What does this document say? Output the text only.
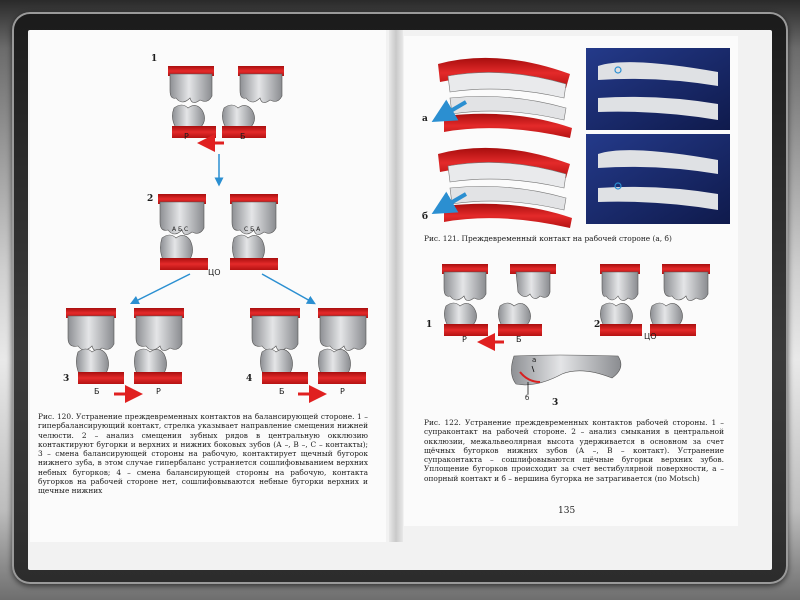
1
2
3	4
Р	Б
А Б С	С Б А
ЦО
Б	Р	Б	Р
Рис. 120. Устранение преждевременных контактов на балансирующей стороне. 1 – гипербалансирующий контакт, стрелка указывает направление смещения нижней челюсти. 2 – анализ смещения зубных рядов в центральную окклюзию контактируют бугорки и верхних и нижних боковых зубов (А –, В –, С – контакты); 3 – смена балансирующей стороны на рабочую, контактирует щечный бугорок нижнего зуба, в этом случае гипербаланс устраняется сошлифовыванием верхних небных бугорков; 4 – смена балансирующей стороны на рабочую, контакта бугорков на рабочей стороне нет, сошлифовываются небные бугорки верхних и щечные нижних
а
б
Рис. 121. Преждевременный контакт на рабочей стороне (а, б)
1	2
3
Р	Б	ЦО
а
б
Рис. 122. Устранение преждевременных контактов рабочей стороны. 1 – супраконтакт на рабочей стороне. 2 – анализ смыкания в центральной окклюзии, межальвеолярная высота удерживается в основном за счет щёчных бугорков нижних зубов (А –, В – контакт). Устранение супраконтакта – сошлифовываются щёчные бугорки верхних зубов. Уплощение бугорков происходит за счет вестибулярной поверхности, а – опорный контакт и б – вершина бугорка не затрагивается (по Motsch)
135
